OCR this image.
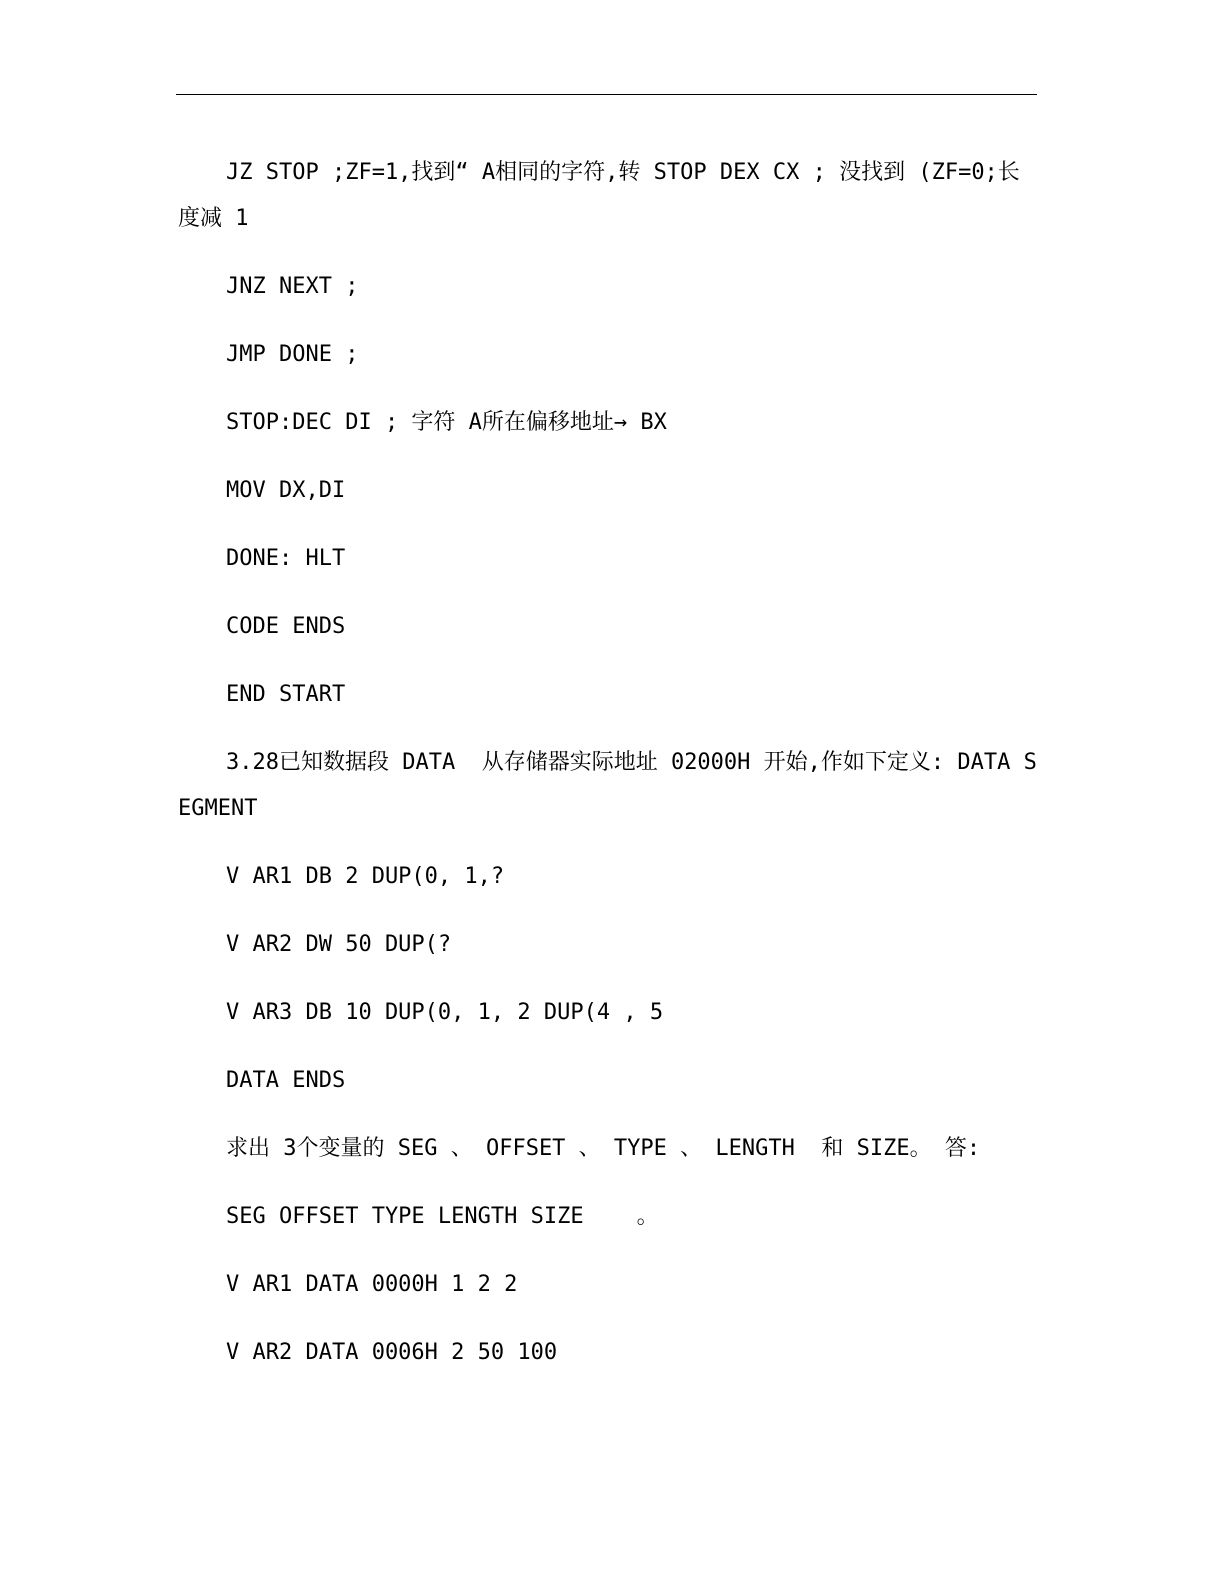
JZ STOP ;ZF=1,找到“ A相同的字符,转 STOP DEX CX ; 没找到 (ZF=0;长度减 1

JNZ NEXT ;

JMP DONE ;

STOP:DEC DI ; 字符 A所在偏移地址→ BX

MOV DX,DI

DONE: HLT

CODE ENDS

END START

3.28已知数据段 DATA  从存储器实际地址 02000H 开始,作如下定义: DATA SEGMENT

V AR1 DB 2 DUP(0, 1,?

V AR2 DW 50 DUP(?

V AR3 DB 10 DUP(0, 1, 2 DUP(4 , 5

DATA ENDS

求出 3个变量的 SEG 、 OFFSET 、 TYPE 、 LENGTH  和 SIZE。 答:

SEG OFFSET TYPE LENGTH SIZE    。

V AR1 DATA 0000H 1 2 2

V AR2 DATA 0006H 2 50 100
